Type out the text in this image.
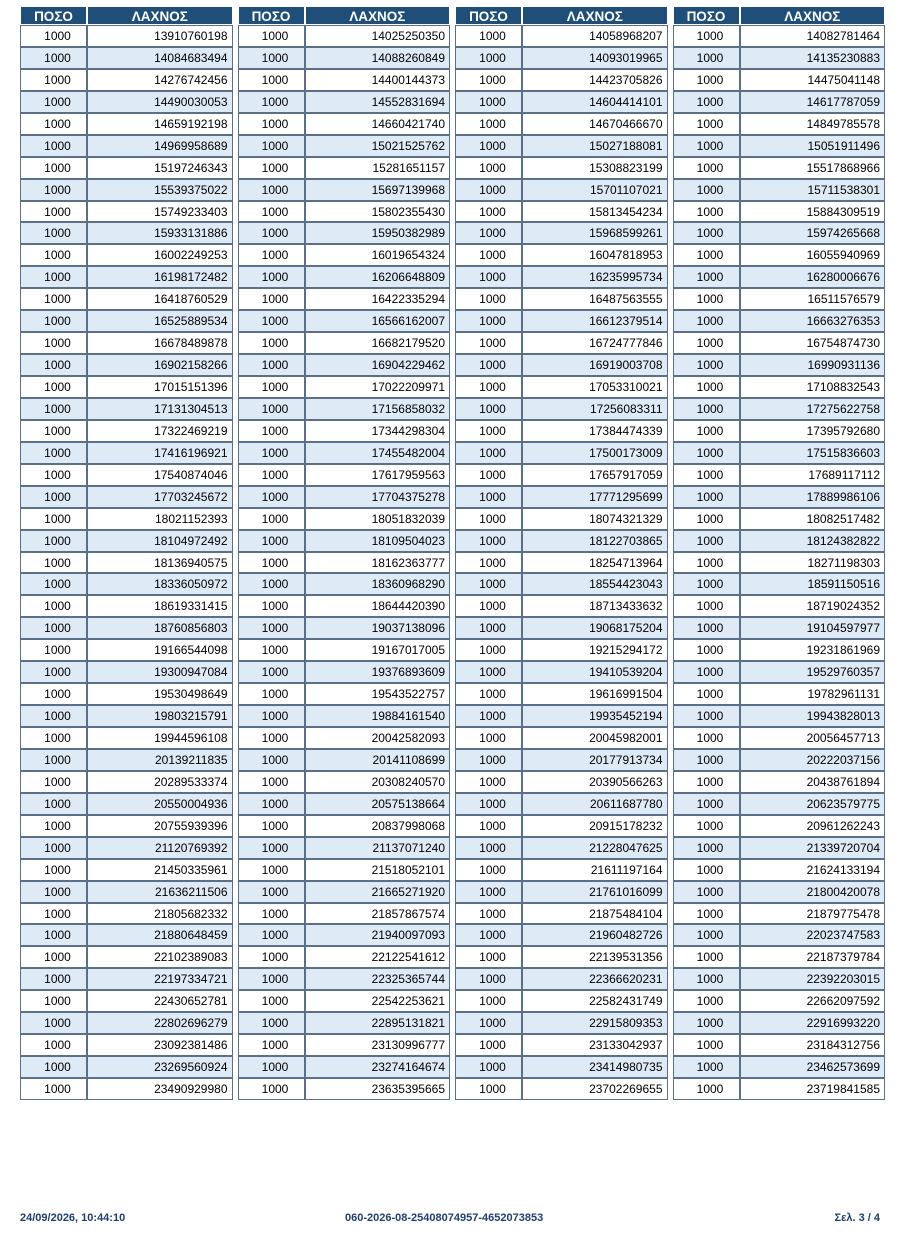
ΠΟΣΟ	ΛΑΧΝΟΣ	ΠΟΣΟ	ΛΑΧΝΟΣ	ΠΟΣΟ	ΛΑΧΝΟΣ	ΠΟΣΟ	ΛΑΧΝΟΣ
1000	13910760198	1000	14025250350	1000	14058968207	1000	14082781464
1000	14084683494	1000	14088260849	1000	14093019965	1000	14135230883
1000	14276742456	1000	14400144373	1000	14423705826	1000	14475041148
1000	14490030053	1000	14552831694	1000	14604414101	1000	14617787059
1000	14659192198	1000	14660421740	1000	14670466670	1000	14849785578
1000	14969958689	1000	15021525762	1000	15027188081	1000	15051911496
1000	15197246343	1000	15281651157	1000	15308823199	1000	15517868966
1000	15539375022	1000	15697139968	1000	15701107021	1000	15711538301
1000	15749233403	1000	15802355430	1000	15813454234	1000	15884309519
1000	15933131886	1000	15950382989	1000	15968599261	1000	15974265668
1000	16002249253	1000	16019654324	1000	16047818953	1000	16055940969
1000	16198172482	1000	16206648809	1000	16235995734	1000	16280006676
1000	16418760529	1000	16422335294	1000	16487563555	1000	16511576579
1000	16525889534	1000	16566162007	1000	16612379514	1000	16663276353
1000	16678489878	1000	16682179520	1000	16724777846	1000	16754874730
1000	16902158266	1000	16904229462	1000	16919003708	1000	16990931136
1000	17015151396	1000	17022209971	1000	17053310021	1000	17108832543
1000	17131304513	1000	17156858032	1000	17256083311	1000	17275622758
1000	17322469219	1000	17344298304	1000	17384474339	1000	17395792680
1000	17416196921	1000	17455482004	1000	17500173009	1000	17515836603
1000	17540874046	1000	17617959563	1000	17657917059	1000	17689117112
1000	17703245672	1000	17704375278	1000	17771295699	1000	17889986106
1000	18021152393	1000	18051832039	1000	18074321329	1000	18082517482
1000	18104972492	1000	18109504023	1000	18122703865	1000	18124382822
1000	18136940575	1000	18162363777	1000	18254713964	1000	18271198303
1000	18336050972	1000	18360968290	1000	18554423043	1000	18591150516
1000	18619331415	1000	18644420390	1000	18713433632	1000	18719024352
1000	18760856803	1000	19037138096	1000	19068175204	1000	19104597977
1000	19166544098	1000	19167017005	1000	19215294172	1000	19231861969
1000	19300947084	1000	19376893609	1000	19410539204	1000	19529760357
1000	19530498649	1000	19543522757	1000	19616991504	1000	19782961131
1000	19803215791	1000	19884161540	1000	19935452194	1000	19943828013
1000	19944596108	1000	20042582093	1000	20045982001	1000	20056457713
1000	20139211835	1000	20141108699	1000	20177913734	1000	20222037156
1000	20289533374	1000	20308240570	1000	20390566263	1000	20438761894
1000	20550004936	1000	20575138664	1000	20611687780	1000	20623579775
1000	20755939396	1000	20837998068	1000	20915178232	1000	20961262243
1000	21120769392	1000	21137071240	1000	21228047625	1000	21339720704
1000	21450335961	1000	21518052101	1000	21611197164	1000	21624133194
1000	21636211506	1000	21665271920	1000	21761016099	1000	21800420078
1000	21805682332	1000	21857867574	1000	21875484104	1000	21879775478
1000	21880648459	1000	21940097093	1000	21960482726	1000	22023747583
1000	22102389083	1000	22122541612	1000	22139531356	1000	22187379784
1000	22197334721	1000	22325365744	1000	22366620231	1000	22392203015
1000	22430652781	1000	22542253621	1000	22582431749	1000	22662097592
1000	22802696279	1000	22895131821	1000	22915809353	1000	22916993220
1000	23092381486	1000	23130996777	1000	23133042937	1000	23184312756
1000	23269560924	1000	23274164674	1000	23414980735	1000	23462573699
1000	23490929980	1000	23635395665	1000	23702269655	1000	23719841585
24/09/2026, 10:44:10	060-2026-08-25408074957-4652073853	Σελ. 3 / 4
